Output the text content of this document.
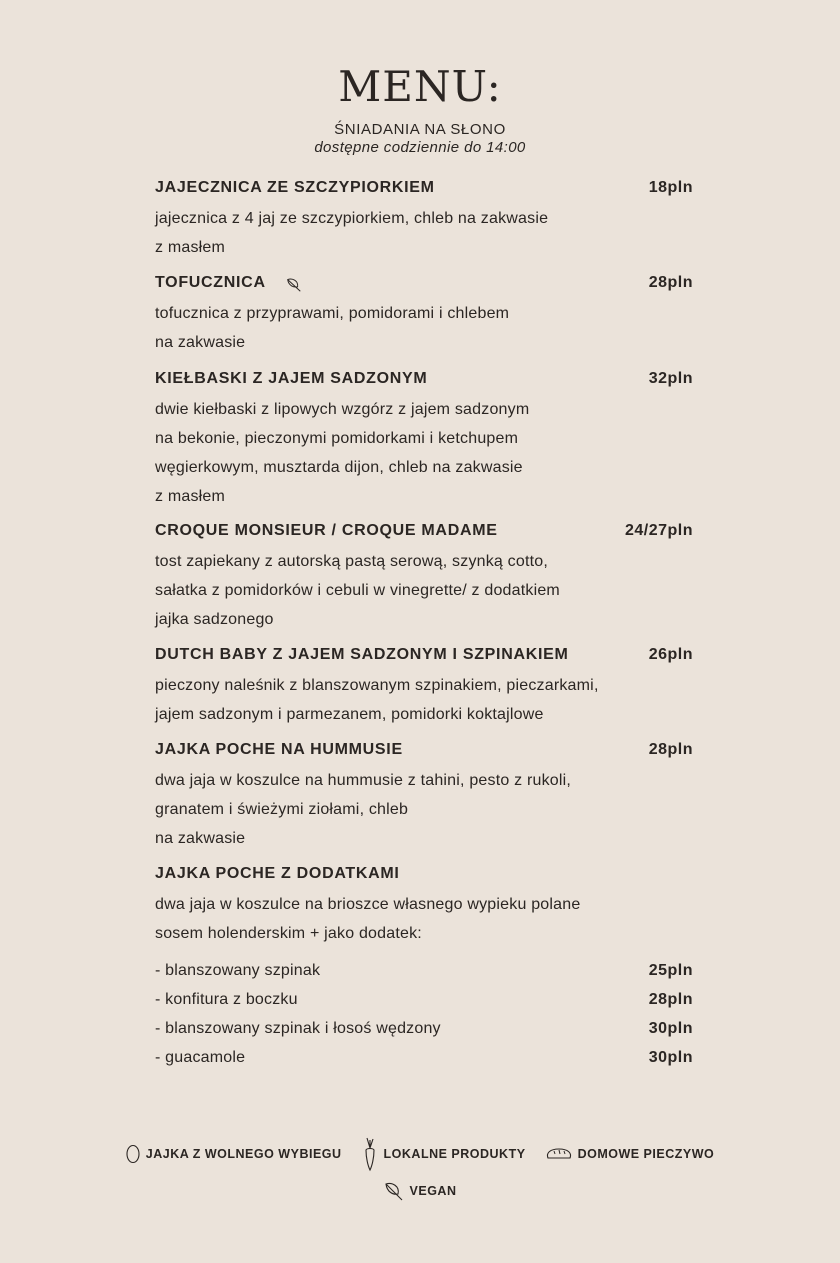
MENU:
ŚNIADANIA NA SŁONO
dostępne codziennie do 14:00
JAJECZNICA ZE SZCZYPIORKIEM	18pln
jajecznica z 4 jaj ze szczypiorkiem, chleb na zakwasie
z masłem
TOFUCZNICA	28pln
tofucznica z przyprawami, pomidorami i chlebem
na zakwasie
KIEŁBASKI Z JAJEM SADZONYM	32pln
dwie kiełbaski z lipowych wzgórz z jajem sadzonym
na bekonie, pieczonymi pomidorkami i ketchupem
węgierkowym, musztarda dijon, chleb na zakwasie
z masłem
CROQUE MONSIEUR / CROQUE MADAME	24/27pln
tost zapiekany z autorską pastą serową, szynką cotto,
sałatka z pomidorków i cebuli w vinegrette/ z dodatkiem
jajka sadzonego
DUTCH BABY Z JAJEM SADZONYM I SZPINAKIEM	26pln
pieczony naleśnik z blanszowanym szpinakiem, pieczarkami,
jajem sadzonym i parmezanem, pomidorki koktajlowe
JAJKA POCHE NA HUMMUSIE	28pln
dwa jaja w koszulce na hummusie z tahini, pesto z rukoli,
granatem i świeżymi ziołami, chleb
na zakwasie
JAJKA POCHE Z DODATKAMI
dwa jaja w koszulce na brioszce własnego wypieku polane
sosem holenderskim + jako dodatek:
- blanszowany szpinak	25pln
- konfitura z boczku	28pln
- blanszowany szpinak i łosoś wędzony	30pln
- guacamole	30pln
JAJKA Z WOLNEGO WYBIEGU	LOKALNE PRODUKTY	DOMOWE PIECZYWO
VEGAN
